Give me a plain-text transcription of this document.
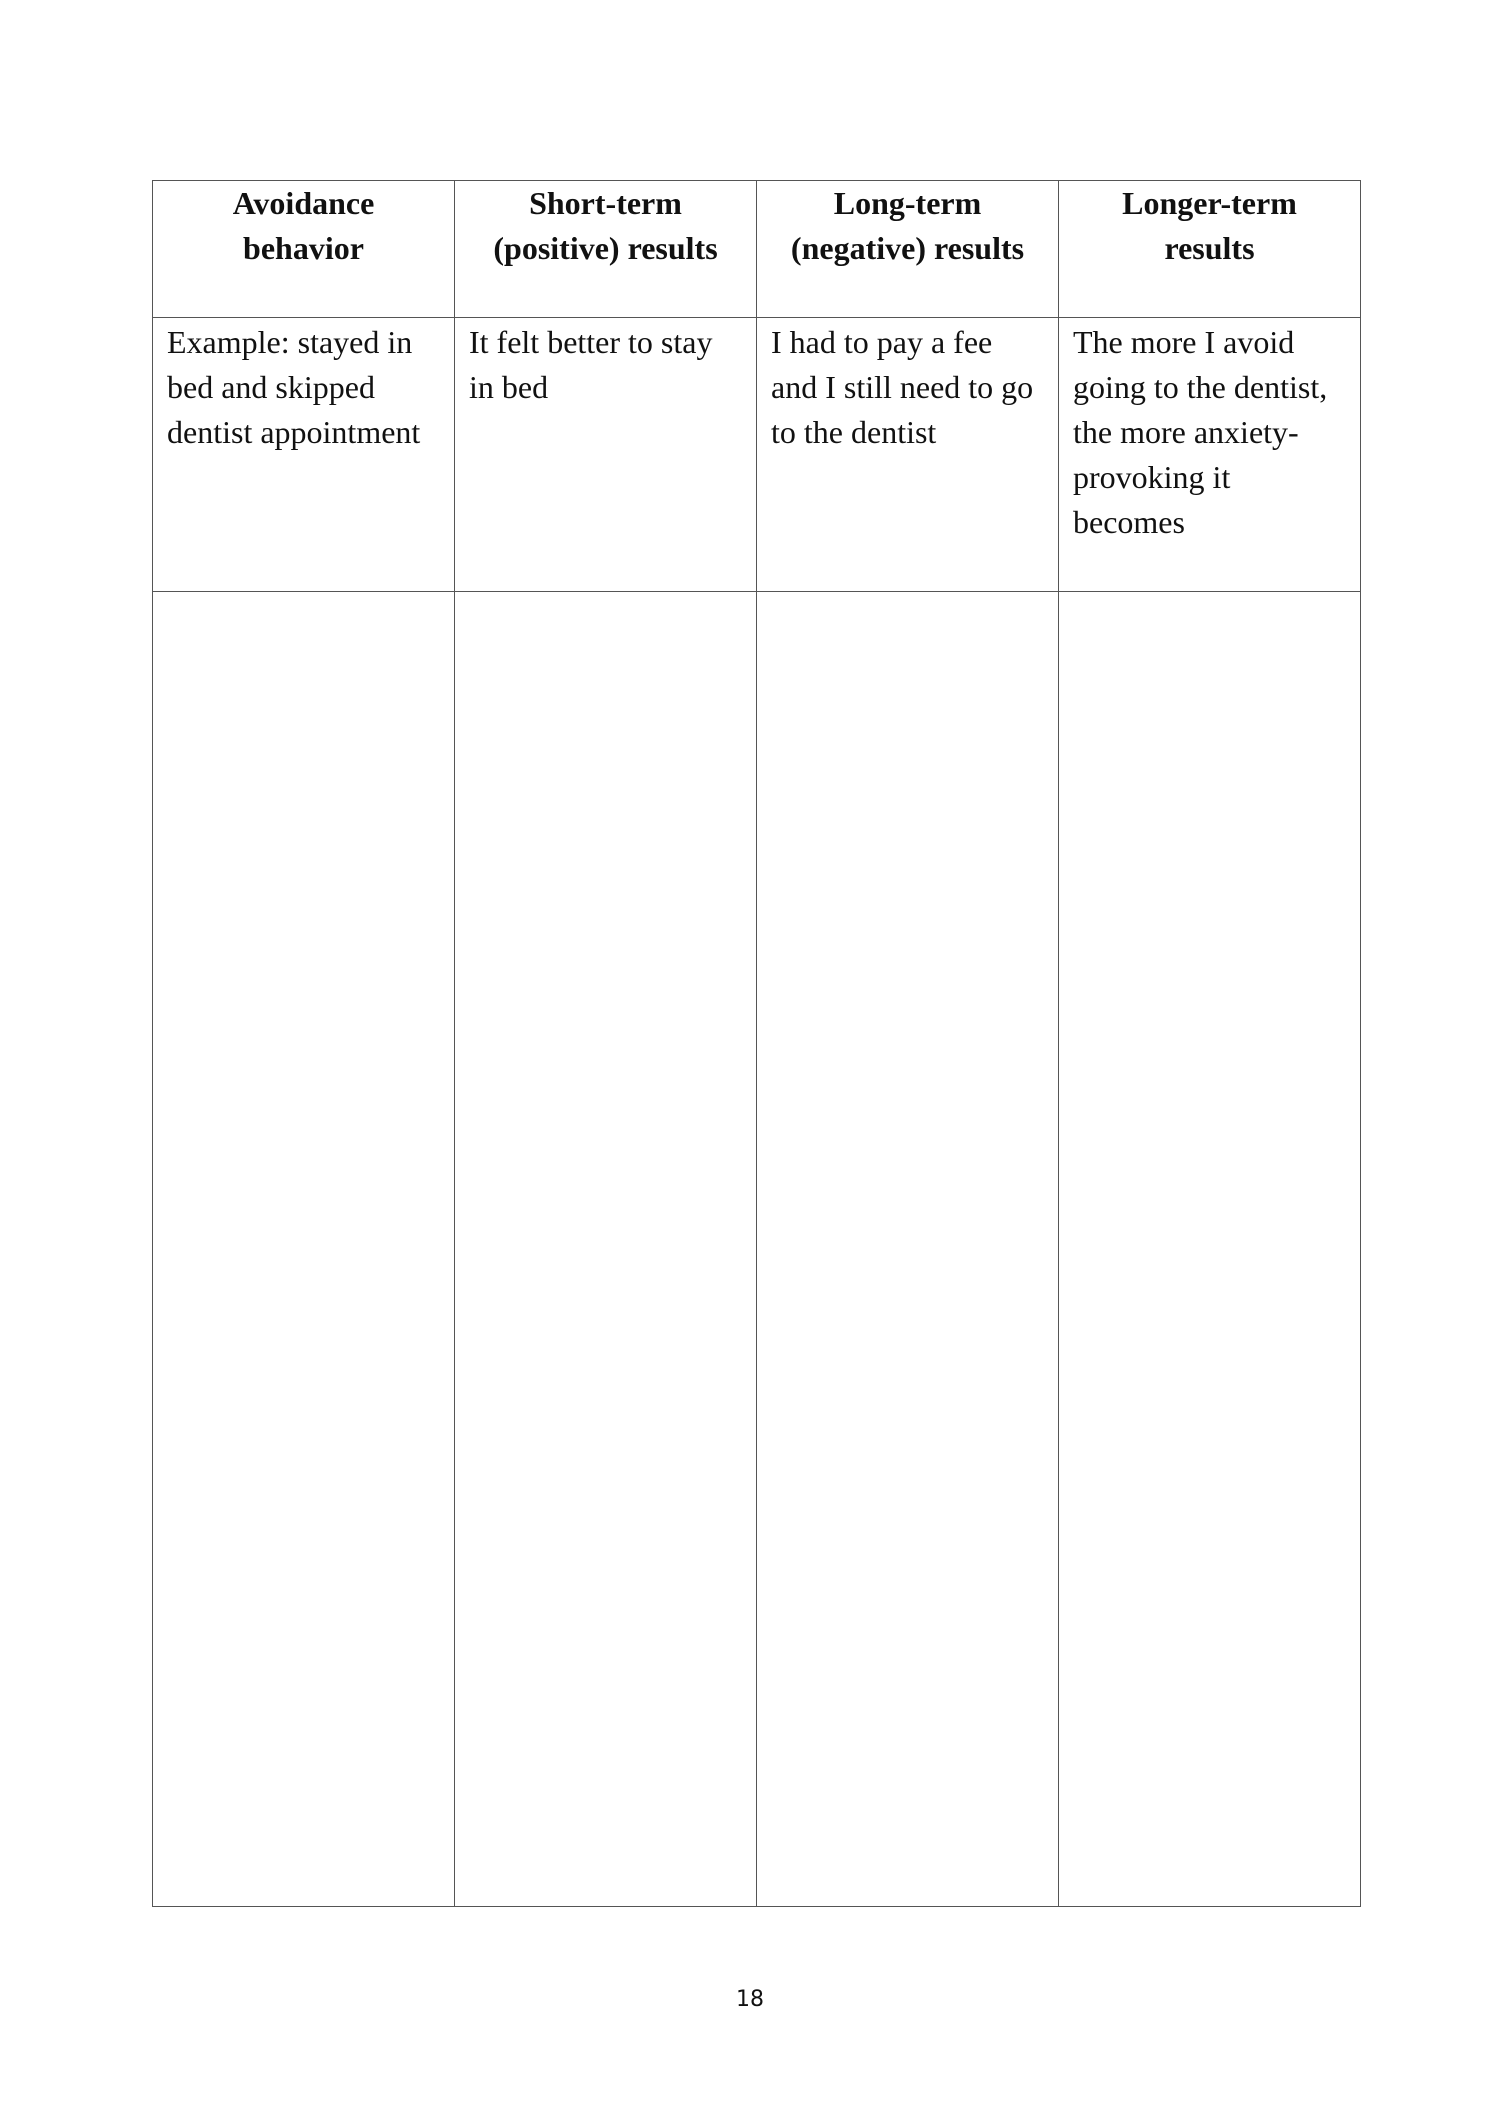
Avoidance behavior	Short-term (positive) results	Long-term (negative) results	Longer-term results
Example: stayed in bed and skipped dentist appointment	It felt better to stay in bed	I had to pay a fee and I still need to go to the dentist	The more I avoid going to the dentist, the more anxiety-provoking it becomes

18
